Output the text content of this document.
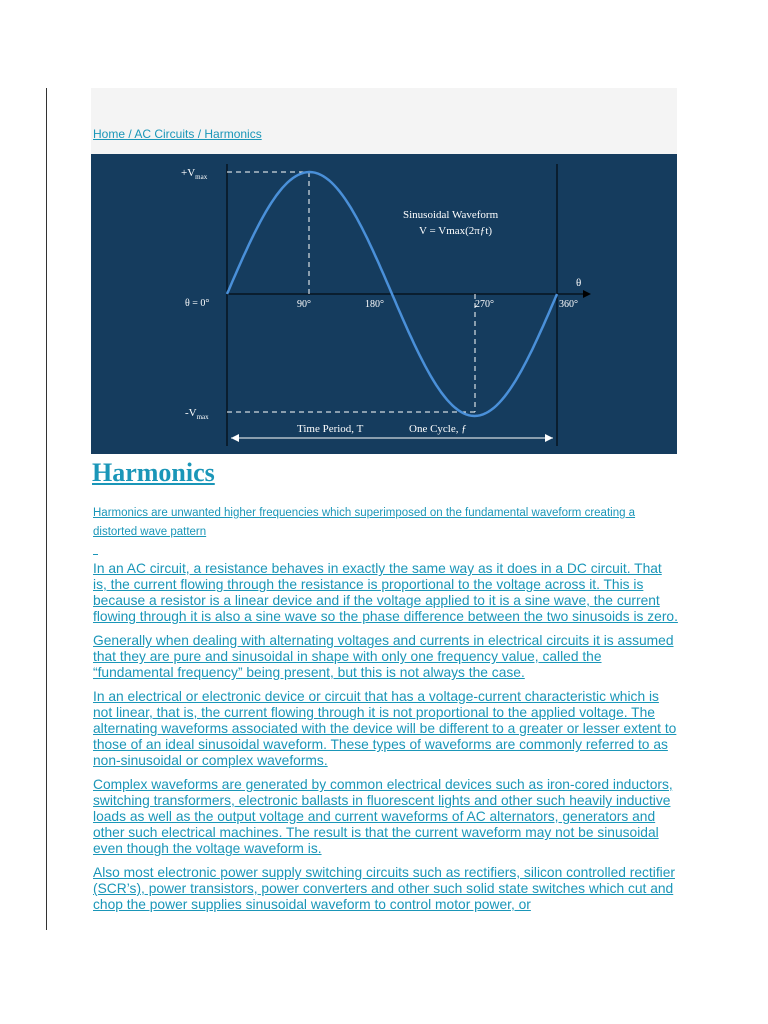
Home / AC Circuits / Harmonics
$+V_{max}$
$-V_{max}$
θ = 0°	90°	180°	270°	360°
θ
Sinusoidal Waveform
V = Vmax(2πƒt)
Time Period, T	One Cycle, ƒ
Harmonics
Harmonics are unwanted higher frequencies which superimposed on the fundamental waveform creating a distorted wave pattern

In an AC circuit, a resistance behaves in exactly the same way as it does in a DC circuit. That is, the current flowing through the resistance is proportional to the voltage across it. This is because a resistor is a linear device and if the voltage applied to it is a sine wave, the current flowing through it is also a sine wave so the phase difference between the two sinusoids is zero.

Generally when dealing with alternating voltages and currents in electrical circuits it is assumed that they are pure and sinusoidal in shape with only one frequency value, called the “fundamental frequency” being present, but this is not always the case.

In an electrical or electronic device or circuit that has a voltage-current characteristic which is not linear, that is, the current flowing through it is not proportional to the applied voltage. The alternating waveforms associated with the device will be different to a greater or lesser extent to those of an ideal sinusoidal waveform. These types of waveforms are commonly referred to as non-sinusoidal or complex waveforms.

Complex waveforms are generated by common electrical devices such as iron-cored inductors, switching transformers, electronic ballasts in fluorescent lights and other such heavily inductive loads as well as the output voltage and current waveforms of AC alternators, generators and other such electrical machines. The result is that the current waveform may not be sinusoidal even though the voltage waveform is.

Also most electronic power supply switching circuits such as rectifiers, silicon controlled rectifier (SCR’s), power transistors, power converters and other such solid state switches which cut and chop the power supplies sinusoidal waveform to control motor power, or
